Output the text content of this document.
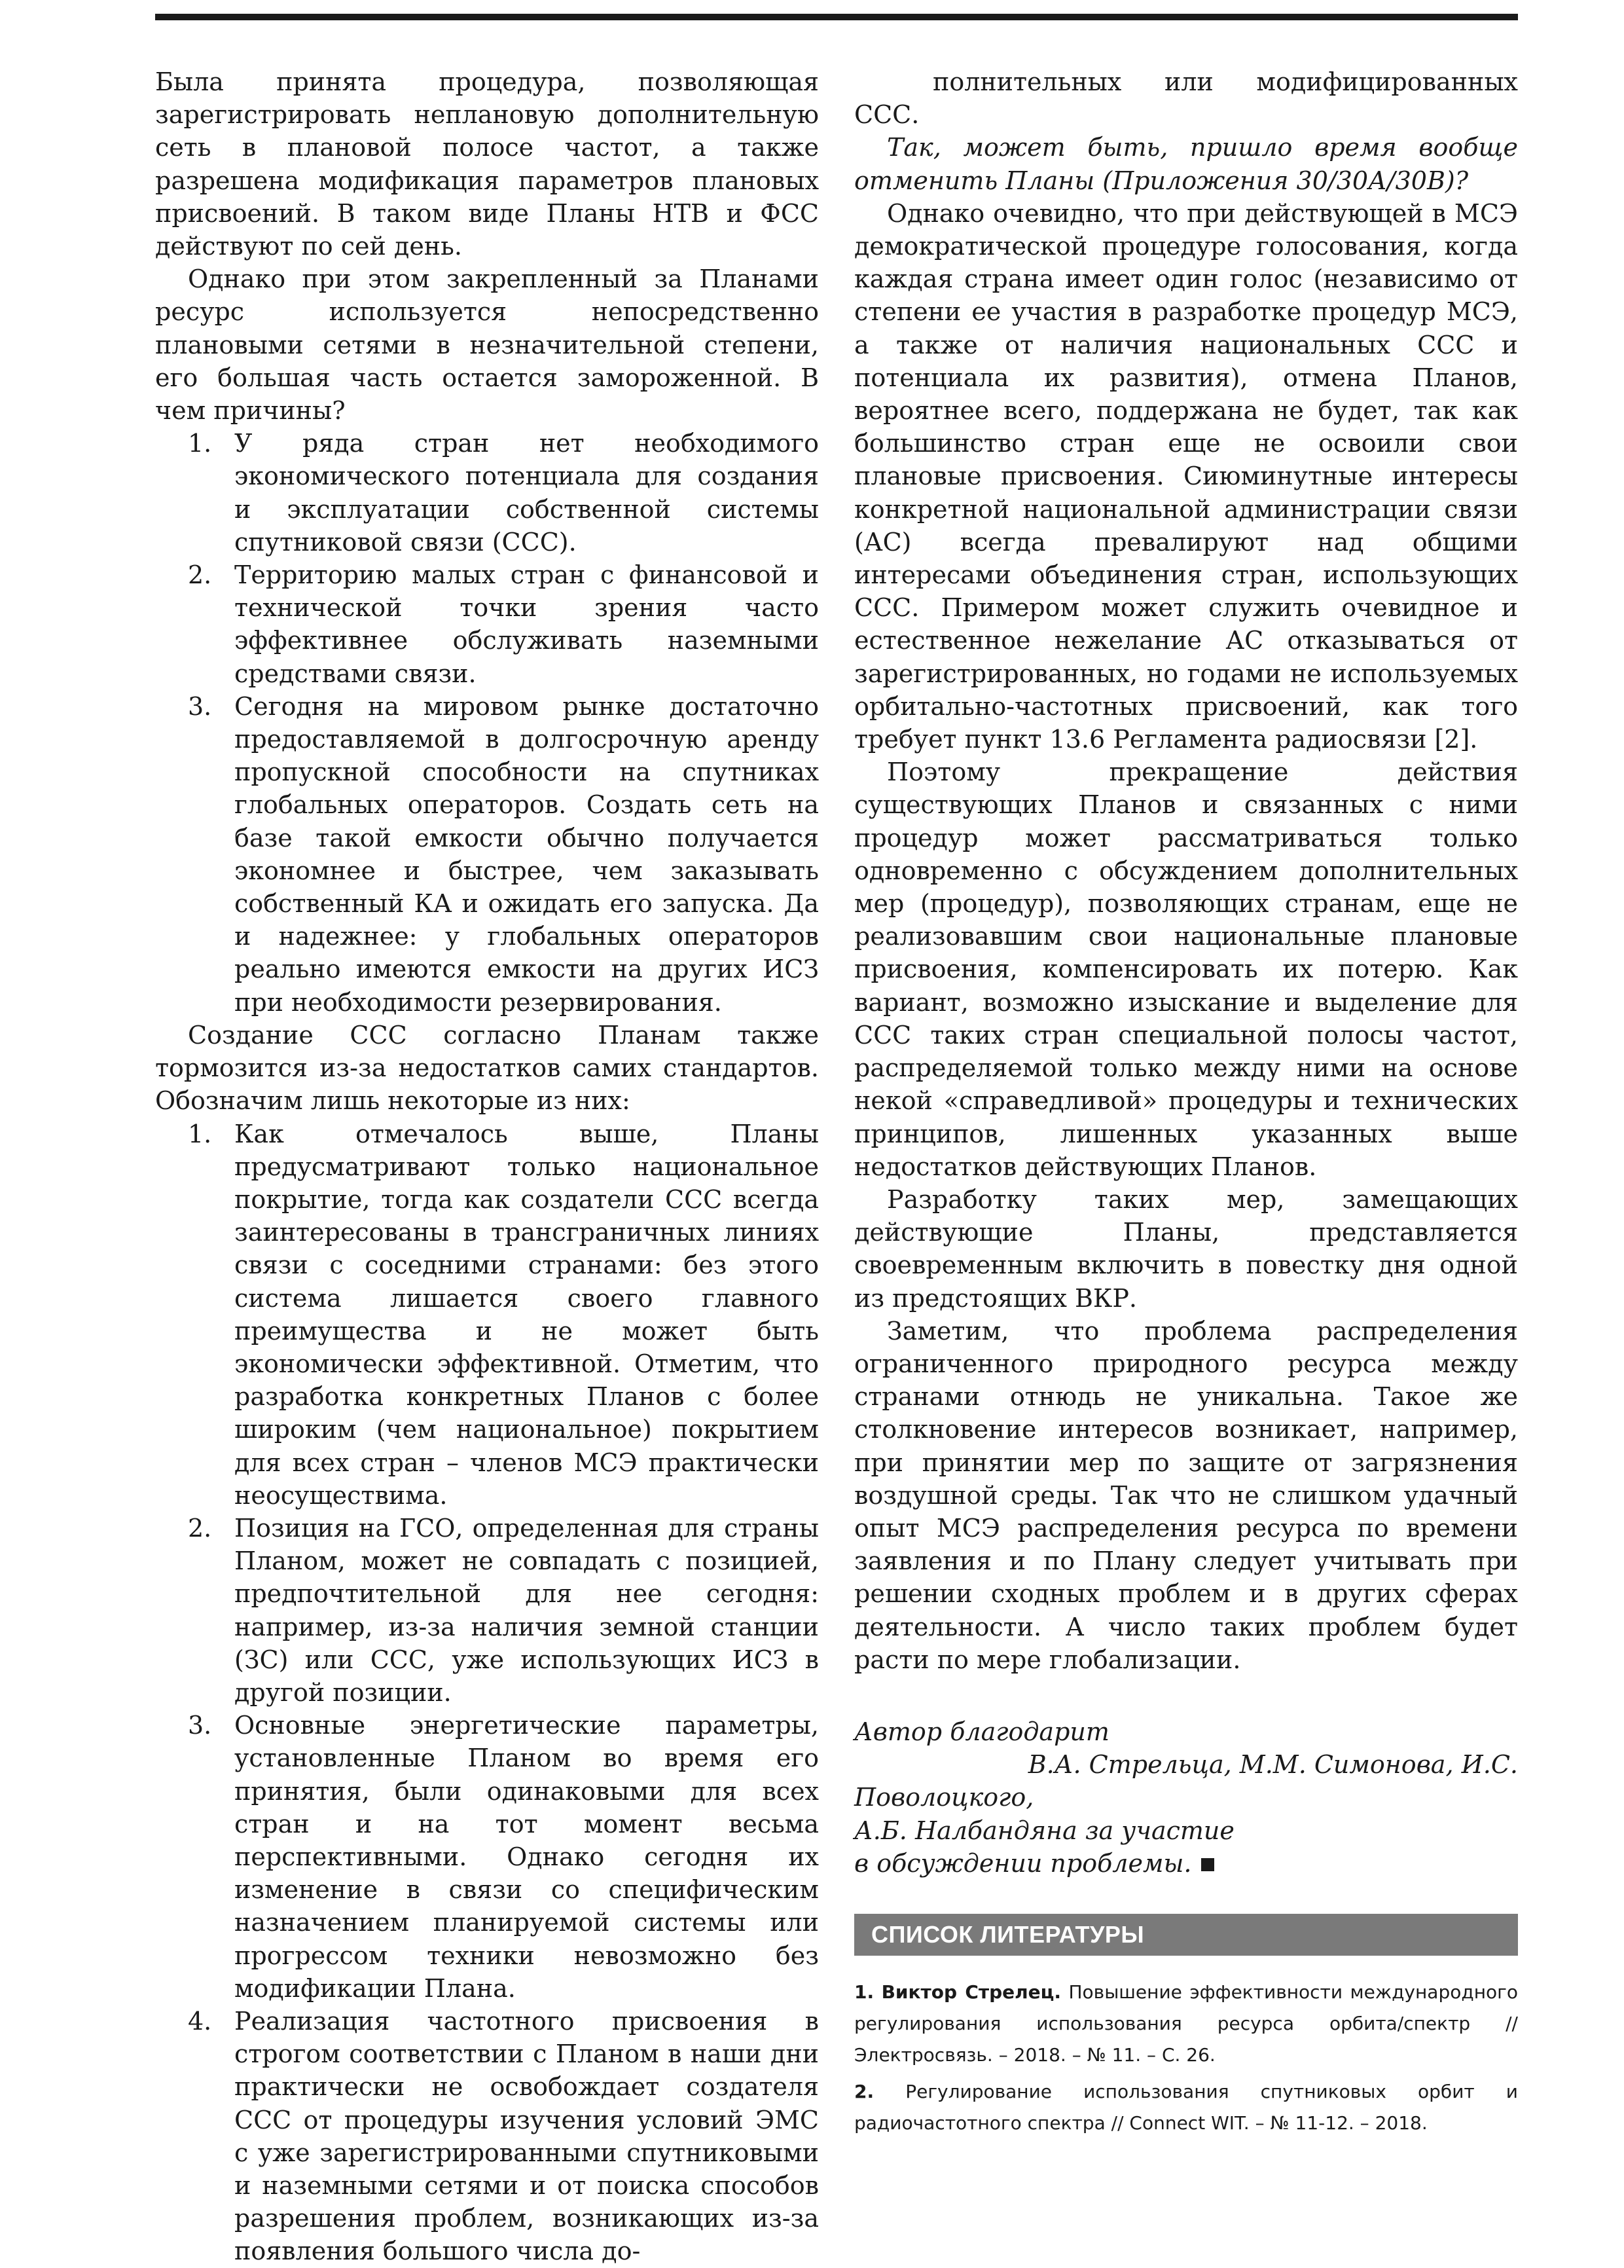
Была принята процедура, позволяющая зарегистрировать неплановую дополнительную сеть в плановой полосе частот, а также разрешена модификация параметров плановых присвоений. В таком виде Планы НТВ и ФСС действуют по сей день.

Однако при этом закрепленный за Планами ресурс используется непосредственно плановыми сетями в незначительной степени, его большая часть остается замороженной. В чем причины?

1. У ряда стран нет необходимого экономического потенциала для создания и эксплуатации собственной системы спутниковой связи (ССС).
2. Территорию малых стран с финансовой и технической точки зрения часто эффективнее обслуживать наземными средствами связи.
3. Сегодня на мировом рынке достаточно предоставляемой в долгосрочную аренду пропускной способности на спутниках глобальных операторов. Создать сеть на базе такой емкости обычно получается экономнее и быстрее, чем заказывать собственный КА и ожидать его запуска. Да и надежнее: у глобальных операторов реально имеются емкости на других ИСЗ при необходимости резервирования.

Создание ССС согласно Планам также тормозится из-за недостатков самих стандартов. Обозначим лишь некоторые из них:

1. Как отмечалось выше, Планы предусматривают только национальное покрытие, тогда как создатели ССС всегда заинтересованы в трансграничных линиях связи с соседними странами: без этого система лишается своего главного преимущества и не может быть экономически эффективной. Отметим, что разработка конкретных Планов с более широким (чем национальное) покрытием для всех стран – членов МСЭ практически неосуществима.
2. Позиция на ГСО, определенная для страны Планом, может не совпадать с позицией, предпочтительной для нее сегодня: например, из-за наличия земной станции (ЗС) или ССС, уже использующих ИСЗ в другой позиции.
3. Основные энергетические параметры, установленные Планом во время его принятия, были одинаковыми для всех стран и на тот момент весьма перспективными. Однако сегодня их изменение в связи со специфическим назначением планируемой системы или прогрессом техники невозможно без модификации Плана.
4. Реализация частотного присвоения в строгом соответствии с Планом в наши дни практически не освобождает создателя ССС от процедуры изучения условий ЭМС с уже зарегистрированными спутниковыми и наземными сетями и от поиска способов разрешения проблем, возникающих из-за появления большого числа до-

полнительных или модифицированных ССС.

Так, может быть, пришло время вообще отменить Планы (Приложения 30/30А/30В)?

Однако очевидно, что при действующей в МСЭ демократической процедуре голосования, когда каждая страна имеет один голос (независимо от степени ее участия в разработке процедур МСЭ, а также от наличия национальных ССС и потенциала их развития), отмена Планов, вероятнее всего, поддержана не будет, так как большинство стран еще не освоили свои плановые присвоения. Сиюминутные интересы конкретной национальной администрации связи (АС) всегда превалируют над общими интересами объединения стран, использующих ССС. Примером может служить очевидное и естественное нежелание АС отказываться от зарегистрированных, но годами не используемых орбитально-частотных присвоений, как того требует пункт 13.6 Регламента радиосвязи [2].

Поэтому прекращение действия существующих Планов и связанных с ними процедур может рассматриваться только одновременно с обсуждением дополнительных мер (процедур), позволяющих странам, еще не реализовавшим свои национальные плановые присвоения, компенсировать их потерю. Как вариант, возможно изыскание и выделение для ССС таких стран специальной полосы частот, распределяемой только между ними на основе некой «справедливой» процедуры и технических принципов, лишенных указанных выше недостатков действующих Планов.

Разработку таких мер, замещающих действующие Планы, представляется своевременным включить в повестку дня одной из предстоящих ВКР.

Заметим, что проблема распределения ограниченного природного ресурса между странами отнюдь не уникальна. Такое же столкновение интересов возникает, например, при принятии мер по защите от загрязнения воздушной среды. Так что не слишком удачный опыт МСЭ распределения ресурса по времени заявления и по Плану следует учитывать при решении сходных проблем и в других сферах деятельности. А число таких проблем будет расти по мере глобализации.

Автор благодарит
В.А. Стрельца, М.М. Симонова, И.С. Поволоцкого,
А.Б. Налбандяна за участие
в обсуждении проблемы.

СПИСОК ЛИТЕРАТУРЫ

1. Виктор Стрелец. Повышение эффективности международного регулирования использования ресурса орбита/спектр // Электросвязь. – 2018. – № 11. – С. 26.

2. Регулирование использования спутниковых орбит и радиочастотного спектра // Connect WIT. – № 11-12. – 2018.
